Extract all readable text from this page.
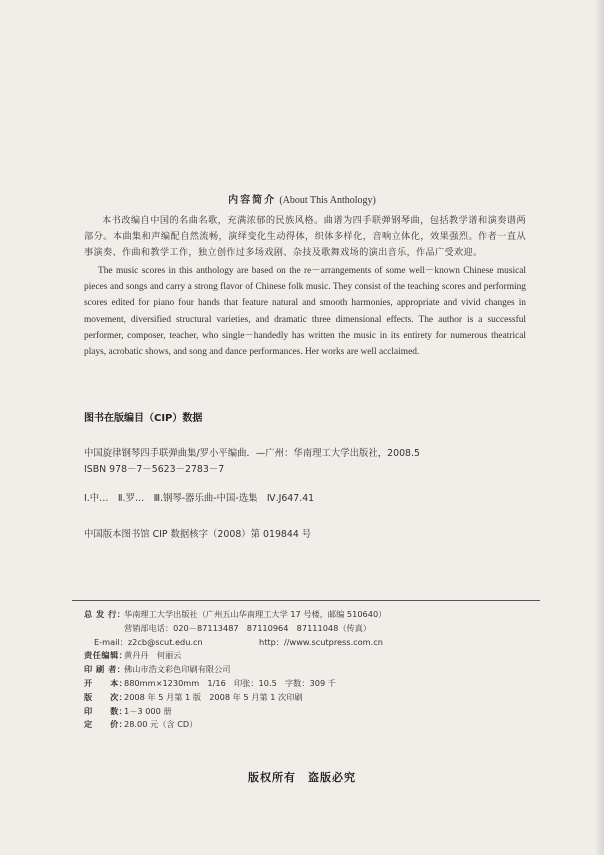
内容简介 (About This Anthology)

本书改编自中国的名曲名歌，充满浓郁的民族风格。曲谱为四手联弹钢琴曲，包括教学谱和演奏谱两部分。本曲集和声编配自然流畅，演绎变化生动得体，织体多样化，音响立体化，效果强烈。作者一直从事演奏、作曲和教学工作，独立创作过多场戏剧、杂技及歌舞戏场的演出音乐，作品广受欢迎。

The music scores in this anthology are based on the re－arrangements of some well－known Chinese musical pieces and songs and carry a strong flavor of Chinese folk music. They consist of the teaching scores and performing scores edited for piano four hands that feature natural and smooth harmonies, appropriate and vivid changes in movement, diversified structural varieties, and dramatic three dimensional effects. The author is a successful performer, composer, teacher, who single－handedly has written the music in its entirety for numerous theatrical plays, acrobatic shows, and song and dance performances. Her works are well acclaimed.

图书在版编目（CIP）数据
中国旋律钢琴四手联弹曲集/罗小平编曲．—广州：华南理工大学出版社，2008.5
ISBN 978－7－5623－2783－7
Ⅰ.中…　Ⅱ.罗…　Ⅲ.钢琴-器乐曲-中国-选集　Ⅳ.J647.41
中国版本图书馆 CIP 数据核字（2008）第 019844 号
总 发 行：
华南理工大学出版社（广州五山华南理工大学 17 号楼，邮编 510640）
营销部电话：020－87113487　87110964　87111048（传真）
E-mail：z2cb@scut.edu.cn	http：//www.scutpress.com.cn
责任编辑：
黄丹丹　何丽云
印 刷 者：
佛山市浩文彩色印刷有限公司
开　　本：
880mm×1230mm　1/16　印张：10.5　字数：309 千
版　　次：
2008 年 5 月第 1 版　2008 年 5 月第 1 次印刷
印　　数：
1－3 000 册
定　　价：
28.00 元（含 CD）
版权所有　盗版必究
